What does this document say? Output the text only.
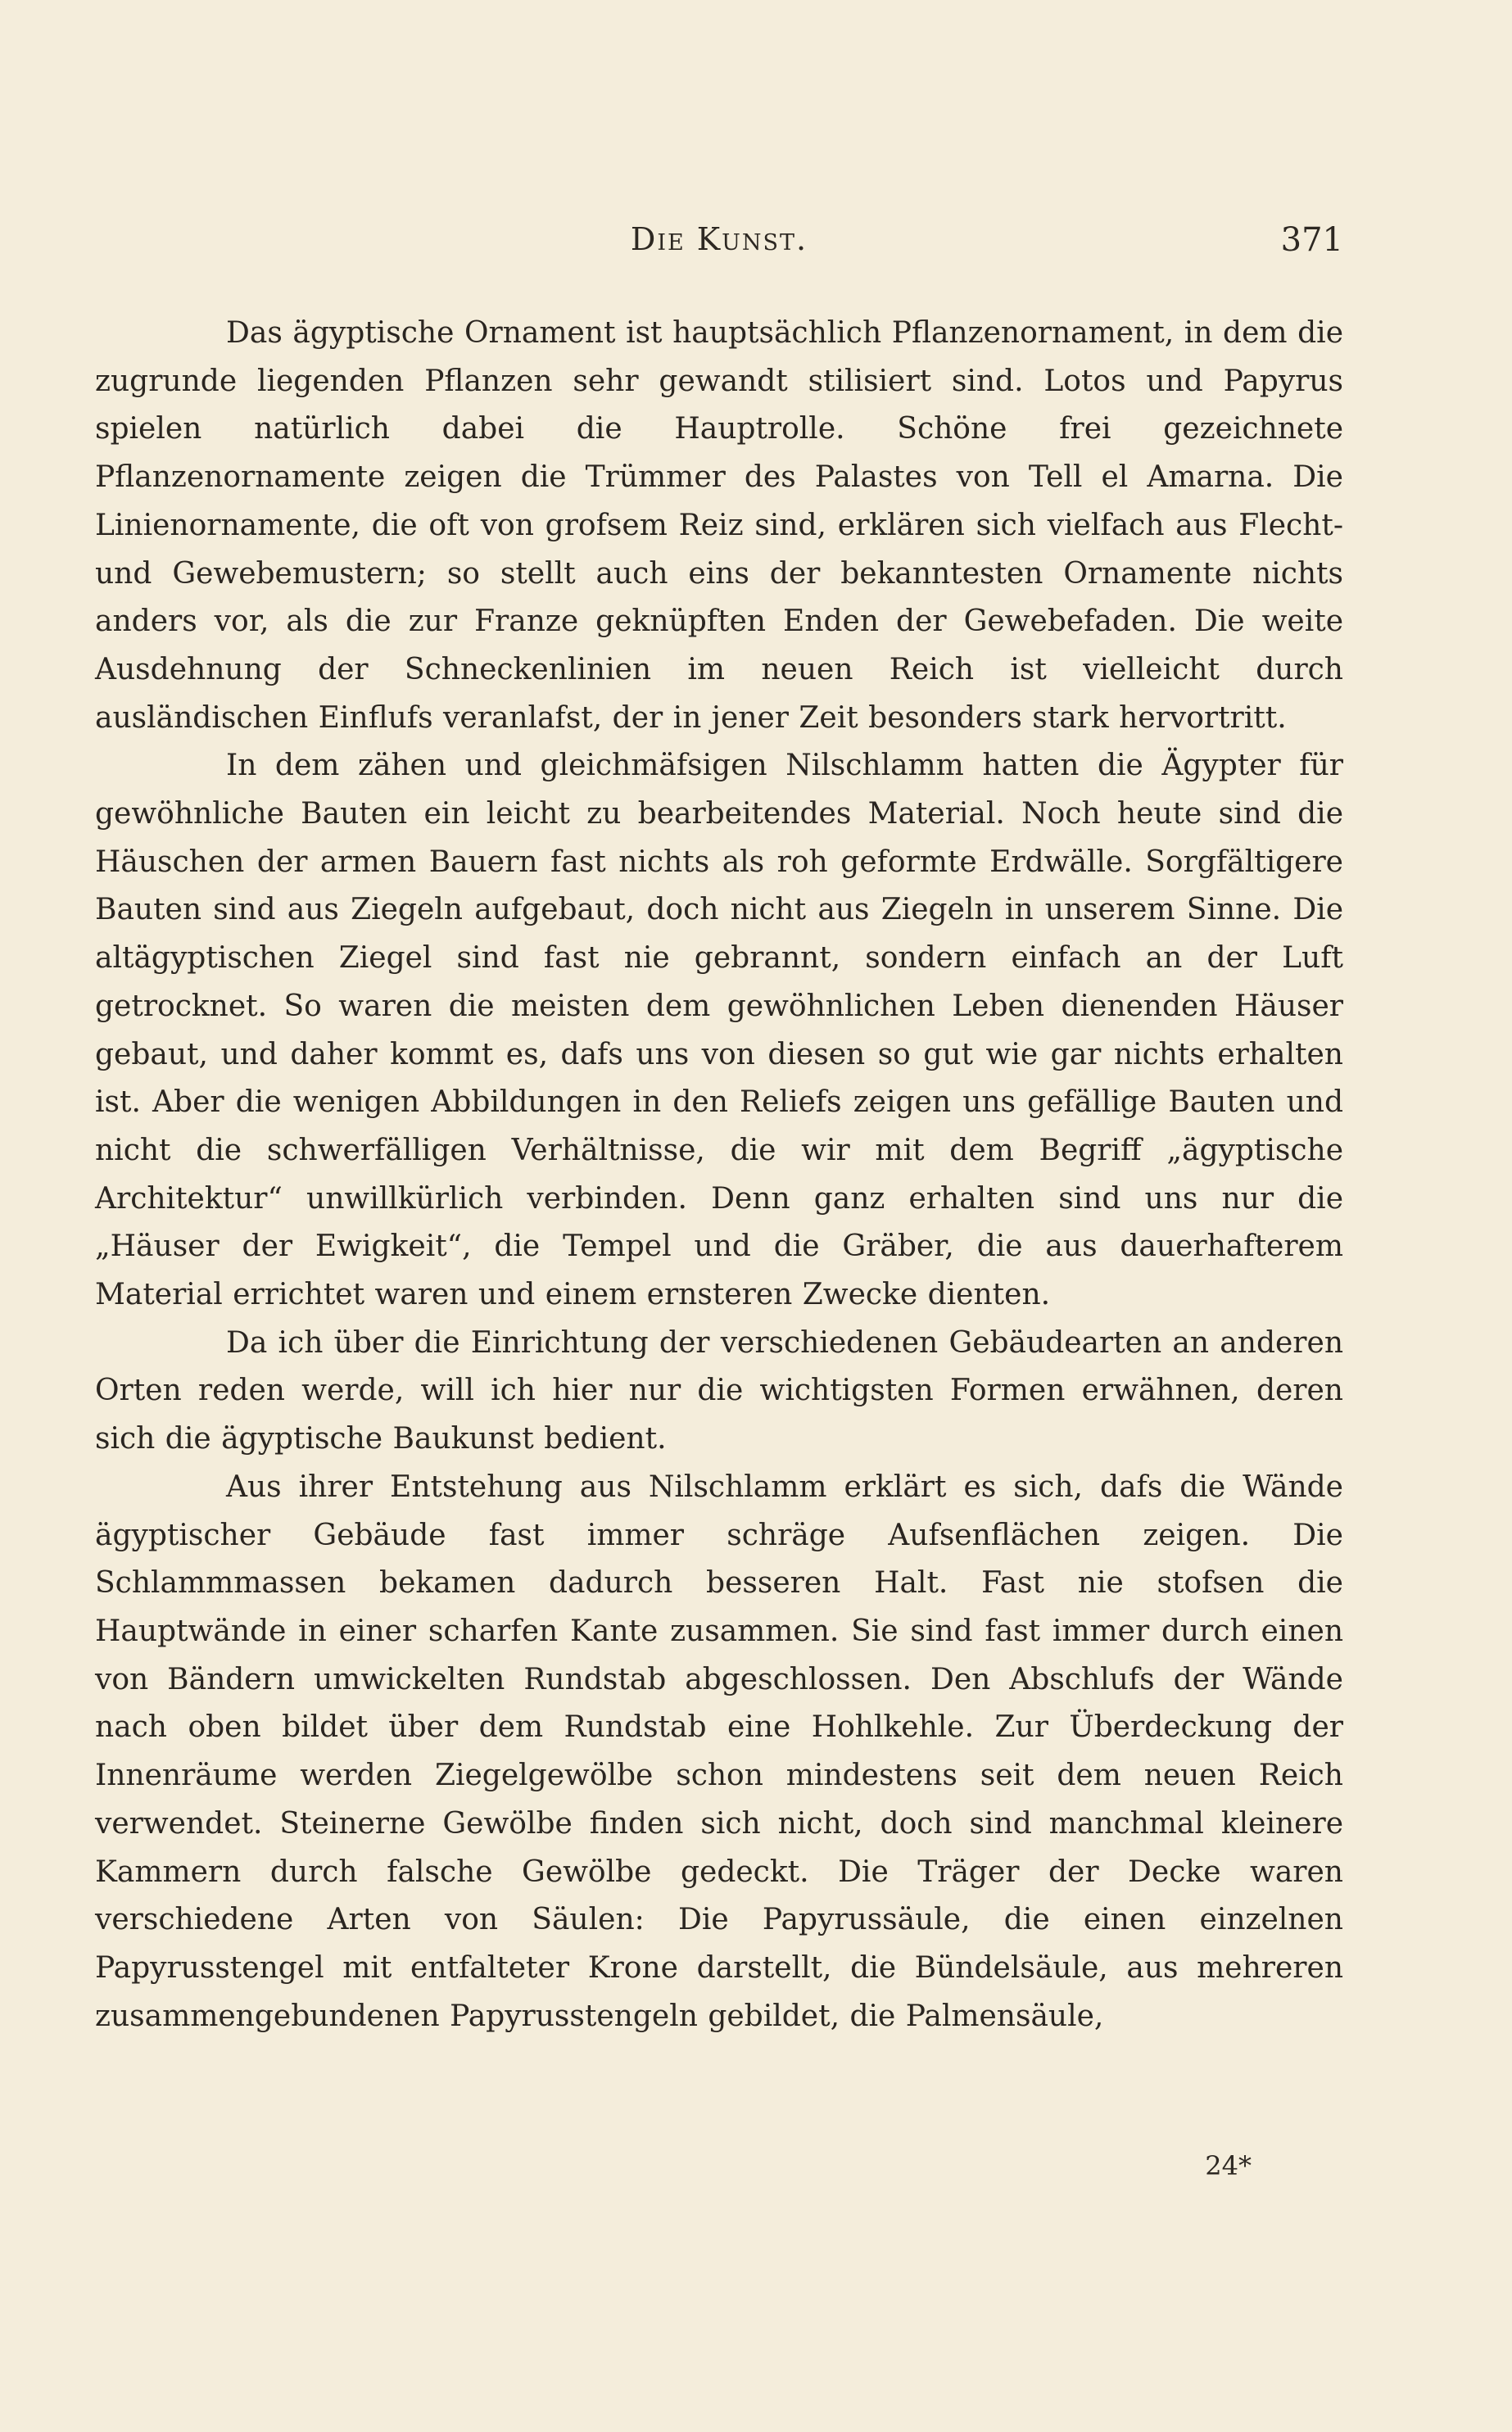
Die Kunst.	371

Das ägyptische Ornament ist hauptsächlich Pflanzenornament, in dem die zugrunde liegenden Pflanzen sehr gewandt stilisiert sind. Lotos und Papyrus spielen natürlich dabei die Hauptrolle. Schöne frei gezeichnete Pflanzenornamente zeigen die Trümmer des Palastes von Tell el Amarna. Die Linienornamente, die oft von grofsem Reiz sind, erklären sich vielfach aus Flecht- und Gewebemustern; so stellt auch eins der bekanntesten Ornamente nichts anders vor, als die zur Franze geknüpften Enden der Gewebefaden. Die weite Ausdehnung der Schneckenlinien im neuen Reich ist vielleicht durch ausländischen Einflufs veranlafst, der in jener Zeit besonders stark hervortritt.

In dem zähen und gleichmäfsigen Nilschlamm hatten die Ägypter für gewöhnliche Bauten ein leicht zu bearbeitendes Material. Noch heute sind die Häuschen der armen Bauern fast nichts als roh geformte Erdwälle. Sorgfältigere Bauten sind aus Ziegeln aufgebaut, doch nicht aus Ziegeln in unserem Sinne. Die altägyptischen Ziegel sind fast nie gebrannt, sondern einfach an der Luft getrocknet. So waren die meisten dem gewöhnlichen Leben dienenden Häuser gebaut, und daher kommt es, dafs uns von diesen so gut wie gar nichts erhalten ist. Aber die wenigen Abbildungen in den Reliefs zeigen uns gefällige Bauten und nicht die schwerfälligen Verhältnisse, die wir mit dem Begriff „ägyptische Architektur“ unwillkürlich verbinden. Denn ganz erhalten sind uns nur die „Häuser der Ewigkeit“, die Tempel und die Gräber, die aus dauerhafterem Material errichtet waren und einem ernsteren Zwecke dienten.

Da ich über die Einrichtung der verschiedenen Gebäudearten an anderen Orten reden werde, will ich hier nur die wichtigsten Formen erwähnen, deren sich die ägyptische Baukunst bedient.

Aus ihrer Entstehung aus Nilschlamm erklärt es sich, dafs die Wände ägyptischer Gebäude fast immer schräge Aufsenflächen zeigen. Die Schlammmassen bekamen dadurch besseren Halt. Fast nie stofsen die Hauptwände in einer scharfen Kante zusammen. Sie sind fast immer durch einen von Bändern umwickelten Rundstab abgeschlossen. Den Abschlufs der Wände nach oben bildet über dem Rundstab eine Hohlkehle. Zur Überdeckung der Innenräume werden Ziegelgewölbe schon mindestens seit dem neuen Reich verwendet. Steinerne Gewölbe finden sich nicht, doch sind manchmal kleinere Kammern durch falsche Gewölbe gedeckt. Die Träger der Decke waren verschiedene Arten von Säulen: Die Papyrussäule, die einen einzelnen Papyrusstengel mit entfalteter Krone darstellt, die Bündelsäule, aus mehreren zusammengebundenen Papyrusstengeln gebildet, die Palmensäule,

24*
